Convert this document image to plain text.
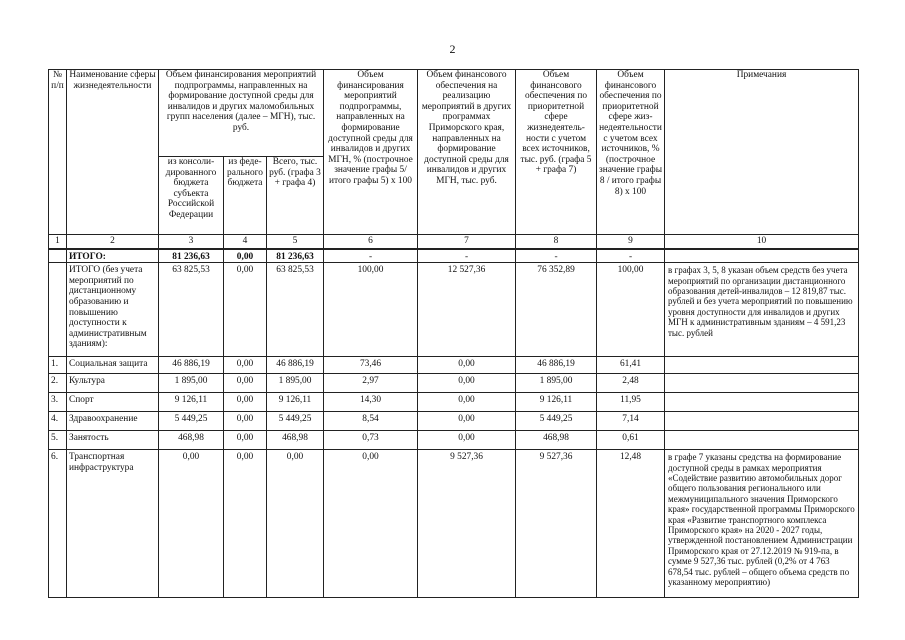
2
№ п/п	Наименование сферы жизнедеятельности	Объем финансирования мероприятий подпрограммы, направленных на формирование доступной среды для инвалидов и других маломобильных групп населения (далее – МГН), тыс. руб.			Объем финансирования мероприятий подпрограммы, направленных на формирование доступной среды для инвалидов и других МГН, % (построчное значение графы 5/ итого графы 5) х 100	Объем финансового обеспечения на реализацию мероприятий в других программах Приморского края, направленных на формирование доступной среды для инвалидов и других МГН, тыс. руб.	Объем финансового обеспечения по приоритетной сфере жизнедеятельности с учетом всех источников, тыс. руб. (графа 5 + графа 7)	Объем финансового обеспечения по приоритетной сфере жизнедеятельности с учетом всех источников, % (построчное значение графы 8 / итого графы 8) х 100	Примечания
		из консолидированного бюджета субъекта Российской Федерации	из федерального бюджета	Всего, тыс. руб. (графа 3 + графа 4)					
1	2	3	4	5	6	7	8	9	10
	ИТОГО:	81 236,63	0,00	81 236,63	-	-	-	-	
	ИТОГО (без учета мероприятий по дистанционному образованию и повышению доступности к административным зданиям):	63 825,53	0,00	63 825,53	100,00	12 527,36	76 352,89	100,00	в графах 3, 5, 8 указан объем средств без учета мероприятий по организации дистанционного образования детей-инвалидов – 12 819,87 тыс. рублей и без учета мероприятий по повышению уровня доступности для инвалидов и других МГН к административным зданиям – 4 591,23 тыс. рублей
1.	Социальная защита	46 886,19	0,00	46 886,19	73,46	0,00	46 886,19	61,41	
2.	Культура	1 895,00	0,00	1 895,00	2,97	0,00	1 895,00	2,48	
3.	Спорт	9 126,11	0,00	9 126,11	14,30	0,00	9 126,11	11,95	
4.	Здравоохранение	5 449,25	0,00	5 449,25	8,54	0,00	5 449,25	7,14	
5.	Занятость	468,98	0,00	468,98	0,73	0,00	468,98	0,61	
6.	Транспортная инфраструктура	0,00	0,00	0,00	0,00	9 527,36	9 527,36	12,48	в графе 7 указаны средства на формирование доступной среды в рамках мероприятия «Содействие развитию автомобильных дорог общего пользования регионального или межмуниципального значения Приморского края» государственной программы Приморского края «Развитие транспортного комплекса Приморского края» на 2020 - 2027 годы, утвержденной постановлением Администрации Приморского края от 27.12.2019 № 919-па, в сумме 9 527,36 тыс. рублей (0,2% от 4 763 678,54 тыс. рублей – общего объема средств по указанному мероприятию)
